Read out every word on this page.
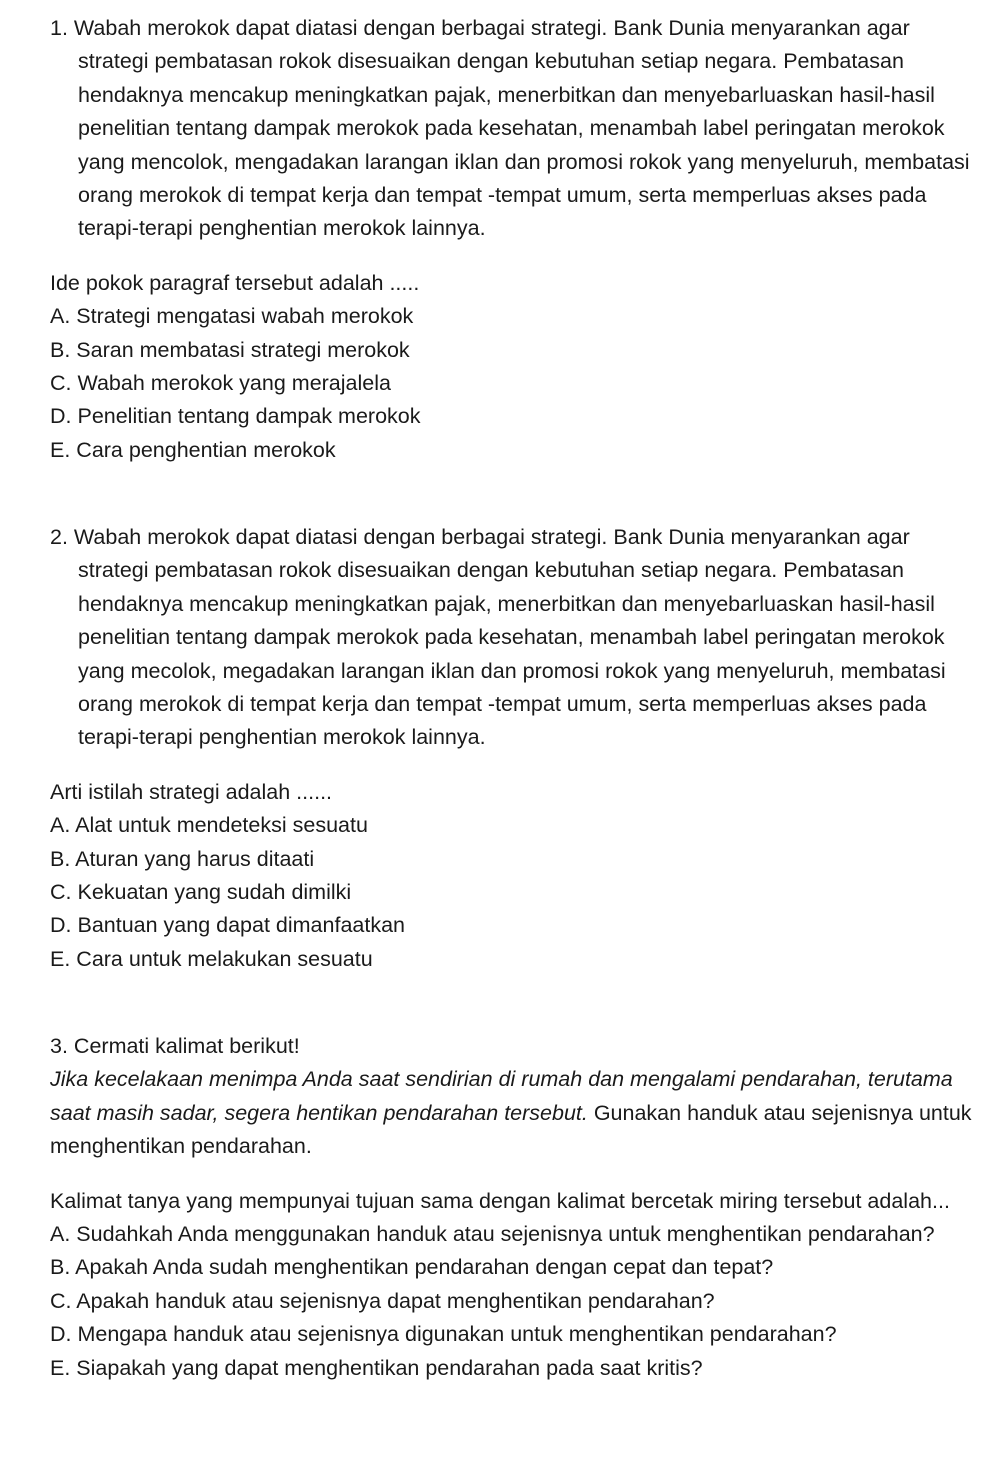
1. Wabah merokok dapat diatasi dengan berbagai strategi. Bank Dunia menyarankan agar strategi pembatasan rokok disesuaikan dengan kebutuhan setiap negara. Pembatasan hendaknya mencakup meningkatkan pajak, menerbitkan dan menyebarluaskan hasil-hasil penelitian tentang dampak merokok pada kesehatan, menambah label peringatan merokok yang mencolok, mengadakan larangan iklan dan promosi rokok yang menyeluruh, membatasi orang merokok di tempat kerja dan tempat -tempat umum, serta memperluas akses pada terapi-terapi penghentian merokok lainnya.

Ide pokok paragraf tersebut adalah .....

A. Strategi mengatasi wabah merokok

B. Saran membatasi strategi merokok

C. Wabah merokok yang merajalela

D. Penelitian tentang dampak merokok

E. Cara penghentian merokok

2. Wabah merokok dapat diatasi dengan berbagai strategi. Bank Dunia menyarankan agar strategi pembatasan rokok disesuaikan dengan kebutuhan setiap negara. Pembatasan hendaknya mencakup meningkatkan pajak, menerbitkan dan menyebarluaskan hasil-hasil penelitian tentang dampak merokok pada kesehatan, menambah label peringatan merokok yang mecolok, megadakan larangan iklan dan promosi rokok yang menyeluruh, membatasi orang merokok di tempat kerja dan tempat -tempat umum, serta memperluas akses pada terapi-terapi penghentian merokok lainnya.

Arti istilah strategi adalah ......

A. Alat untuk mendeteksi sesuatu

B. Aturan yang harus ditaati

C. Kekuatan yang sudah dimilki

D. Bantuan yang dapat dimanfaatkan

E. Cara untuk melakukan sesuatu

3. Cermati kalimat berikut!

Jika kecelakaan menimpa Anda saat sendirian di rumah dan mengalami pendarahan, terutama saat masih sadar, segera hentikan pendarahan tersebut. Gunakan handuk atau sejenisnya untuk menghentikan pendarahan.

Kalimat tanya yang mempunyai tujuan sama dengan kalimat bercetak miring tersebut adalah...

A. Sudahkah Anda menggunakan handuk atau sejenisnya untuk menghentikan pendarahan?

B. Apakah Anda sudah menghentikan pendarahan dengan cepat dan tepat?

C. Apakah handuk atau sejenisnya dapat menghentikan pendarahan?

D. Mengapa handuk atau sejenisnya digunakan untuk menghentikan pendarahan?

E. Siapakah yang dapat menghentikan pendarahan pada saat kritis?
